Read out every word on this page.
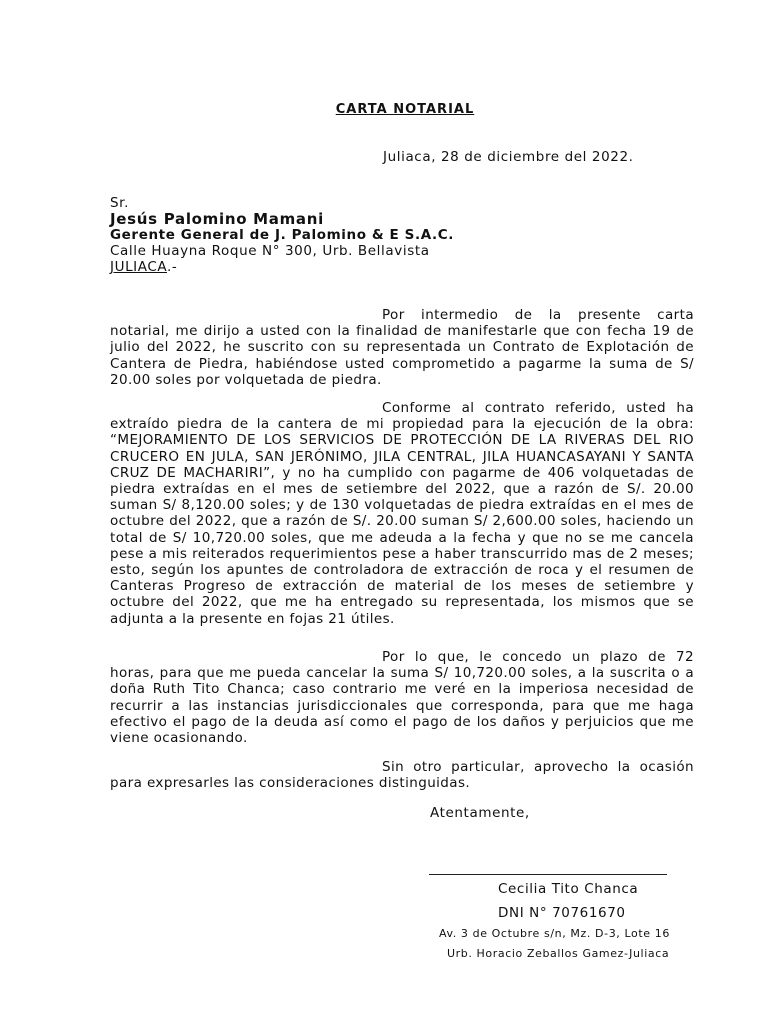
CARTA NOTARIAL
Juliaca, 28 de diciembre del 2022.
Sr.
Jesús Palomino Mamani
Gerente General de J. Palomino & E S.A.C.
Calle Huayna Roque N° 300, Urb. Bellavista
JULIACA.-

Por intermedio de la presente carta notarial, me dirijo a usted con la finalidad de manifestarle que con fecha 19 de julio del 2022, he suscrito con su representada un Contrato de Explotación de Cantera de Piedra, habiéndose usted comprometido a pagarme la suma de S/ 20.00 soles por volquetada de piedra.

Conforme al contrato referido, usted ha extraído piedra de la cantera de mi propiedad para la ejecución de la obra: “MEJORAMIENTO DE LOS SERVICIOS DE PROTECCIÓN DE LA RIVERAS DEL RIO CRUCERO EN JULA, SAN JERÓNIMO, JILA CENTRAL, JILA HUANCASAYANI Y SANTA CRUZ DE MACHARIRI”, y no ha cumplido con pagarme de 406 volquetadas de piedra extraídas en el mes de setiembre del 2022, que a razón de S/. 20.00 suman S/ 8,120.00 soles; y de 130 volquetadas de piedra extraídas en el mes de octubre del 2022, que a razón de S/. 20.00 suman S/ 2,600.00 soles, haciendo un total de S/ 10,720.00 soles, que me adeuda a la fecha y que no se me cancela pese a mis reiterados requerimientos pese a haber transcurrido mas de 2 meses; esto, según los apuntes de controladora de extracción de roca y el resumen de Canteras Progreso de extracción de material de los meses de setiembre y octubre del 2022, que me ha entregado su representada, los mismos que se adjunta a la presente en fojas 21 útiles.

Por lo que, le concedo un plazo de 72 horas, para que me pueda cancelar la suma S/ 10,720.00 soles, a la suscrita o a doña Ruth Tito Chanca; caso contrario me veré en la imperiosa necesidad de recurrir a las instancias jurisdiccionales que corresponda, para que me haga efectivo el pago de la deuda así como el pago de los daños y perjuicios que me viene ocasionando.

Sin otro particular, aprovecho la ocasión para expresarles las consideraciones distinguidas.

Atentamente,
Cecilia Tito Chanca
DNI N° 70761670
Av. 3 de Octubre s/n, Mz. D-3, Lote 16
Urb. Horacio Zeballos Gamez-Juliaca
